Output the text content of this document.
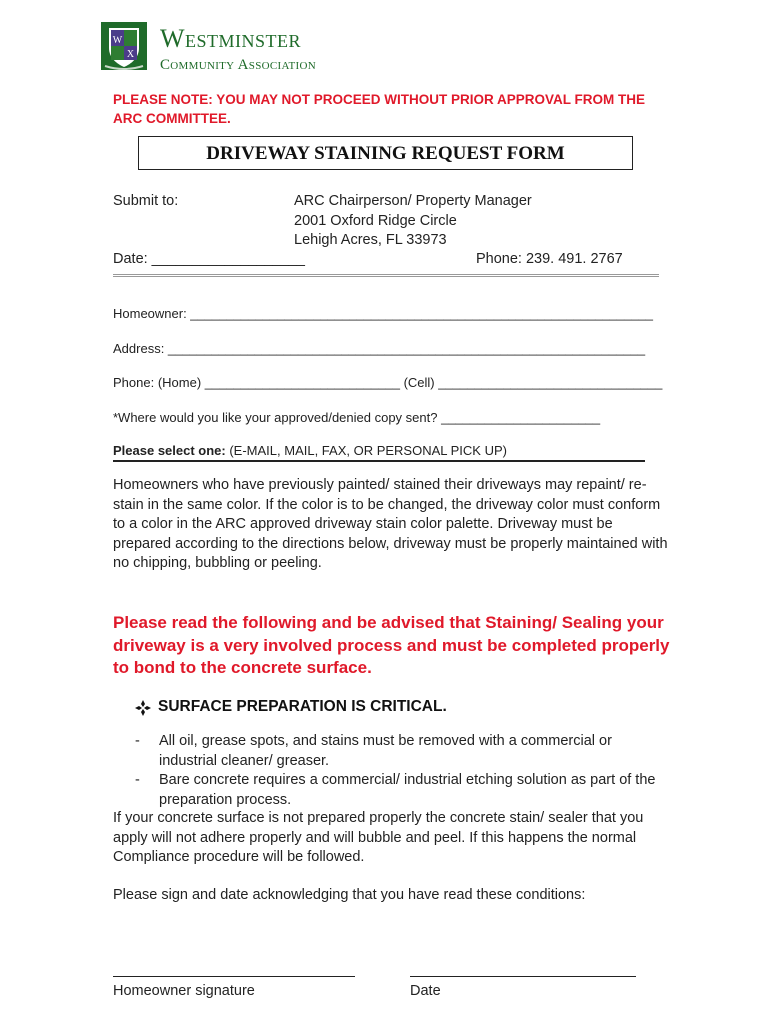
W
X
Westminster
Community Association
PLEASE NOTE: YOU MAY NOT PROCEED WITHOUT PRIOR APPROVAL FROM THE ARC COMMITTEE.
DRIVEWAY STAINING REQUEST FORM
Submit to:	ARC Chairperson/ Property Manager
2001 Oxford Ridge Circle
Lehigh Acres, FL 33973
Date: ___________________	Phone: 239. 491. 2767
Homeowner: ________________________________________________________________
Address: __________________________________________________________________
Phone: (Home) ___________________________ (Cell) _______________________________
*Where would you like your approved/denied copy sent? ______________________
Please select one: (E-MAIL, MAIL, FAX, OR PERSONAL PICK UP)
Homeowners who have previously painted/ stained their driveways may repaint/ re-stain in the same color. If the color is to be changed, the driveway color must conform to a color in the ARC approved driveway stain color palette. Driveway must be prepared according to the directions below, driveway must be properly maintained with no chipping, bubbling or peeling.
Please read the following and be advised that Staining/ Sealing your driveway is a very involved process and must be completed properly to bond to the concrete surface.
SURFACE PREPARATION IS CRITICAL.
- All oil, grease spots, and stains must be removed with a commercial or industrial cleaner/ greaser.
- Bare concrete requires a commercial/ industrial etching solution as part of the preparation process.
If your concrete surface is not prepared properly the concrete stain/ sealer that you apply will not adhere properly and will bubble and peel. If this happens the normal Compliance procedure will be followed.
Please sign and date acknowledging that you have read these conditions:
Homeowner signature	Date
